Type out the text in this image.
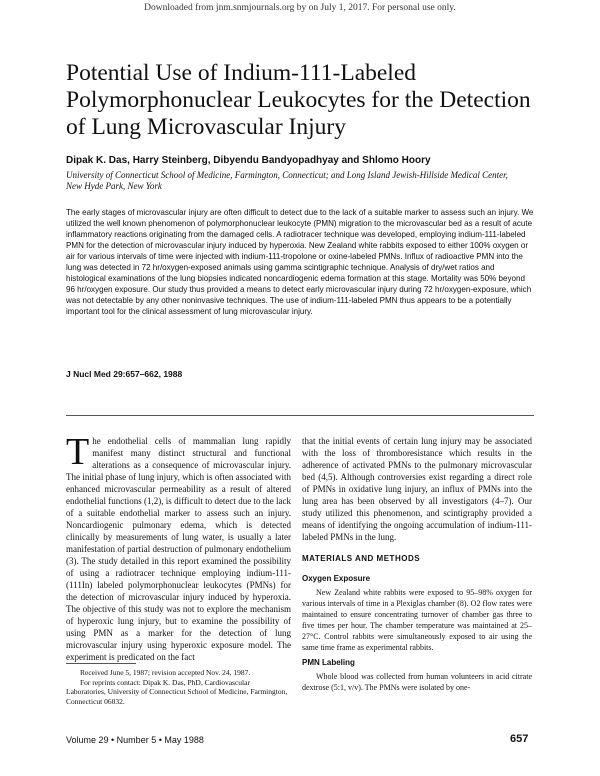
Downloaded from jnm.snmjournals.org by on July 1, 2017. For personal use only.
Potential Use of Indium-111-Labeled Polymorphonuclear Leukocytes for the Detection of Lung Microvascular Injury
Dipak K. Das, Harry Steinberg, Dibyendu Bandyopadhyay and Shlomo Hoory
University of Connecticut School of Medicine, Farmington, Connecticut; and Long Island Jewish-Hillside Medical Center, New Hyde Park, New York

The early stages of microvascular injury are often difficult to detect due to the lack of a suitable marker to assess such an injury. We utilized the well known phenomenon of polymorphonuclear leukocyte (PMN) migration to the microvascular bed as a result of acute inflammatory reactions originating from the damaged cells. A radiotracer technique was developed, employing indium-111-labeled PMN for the detection of microvascular injury induced by hyperoxia. New Zealand white rabbits exposed to either 100% oxygen or air for various intervals of time were injected with indium-111-tropolone or oxine-labeled PMNs. Influx of radioactive PMN into the lung was detected in 72 hr/oxygen-exposed animals using gamma scintigraphic technique. Analysis of dry/wet ratios and histological examinations of the lung biopsies indicated noncardiogenic edema formation at this stage. Mortality was 50% beyond 96 hr/oxygen exposure. Our study thus provided a means to detect early microvascular injury during 72 hr/oxygen-exposure, which was not detectable by any other noninvasive techniques. The use of indium-111-labeled PMN thus appears to be a potentially important tool for the clinical assessment of lung microvascular injury.

J Nucl Med 29:657–662, 1988
The endothelial cells of mammalian lung rapidly manifest many distinct structural and functional alterations as a consequence of microvascular injury. The initial phase of lung injury, which is often associated with enhanced microvascular permeability as a result of altered endothelial functions (1,2), is difficult to detect due to the lack of a suitable endothelial marker to assess such an injury. Noncardiogenic pulmonary edema, which is detected clinically by measurements of lung water, is usually a later manifestation of partial destruction of pulmonary endothelium (3). The study detailed in this report examined the possibility of using a radiotracer technique employing indium-111-(111In) labeled polymorphonuclear leukocytes (PMNs) for the detection of microvascular injury induced by hyperoxia. The objective of this study was not to explore the mechanism of hyperoxic lung injury, but to examine the possibility of using PMN as a marker for the detection of lung microvascular injury using hyperoxic exposure model. The experiment is predicated on the fact

Received June 5, 1987; revision accepted Nov. 24, 1987.

For reprints contact: Dipak K. Das, PhD, Cardiovascular Laboratories, University of Connecticut School of Medicine, Farmington, Connecticut 06032.

that the initial events of certain lung injury may be associated with the loss of thromboresistance which results in the adherence of activated PMNs to the pulmonary microvascular bed (4,5). Although controversies exist regarding a direct role of PMNs in oxidative lung injury, an influx of PMNs into the lung area has been observed by all investigators (4–7). Our study utilized this phenomenon, and scintigraphy provided a means of identifying the ongoing accumulation of indium-111-labeled PMNs in the lung.

MATERIALS AND METHODS
Oxygen Exposure

New Zealand white rabbits were exposed to 95–98% oxygen for various intervals of time in a Plexiglas chamber (8). O2 flow rates were maintained to ensure concentrating turnover of chamber gas three to five times per hour. The chamber temperature was maintained at 25–27°C. Control rabbits were simultaneously exposed to air using the same time frame as experimental rabbits.

PMN Labeling

Whole blood was collected from human volunteers in acid citrate dextrose (5:1, v/v). The PMNs were isolated by one-

Volume 29 • Number 5 • May 1988	657
